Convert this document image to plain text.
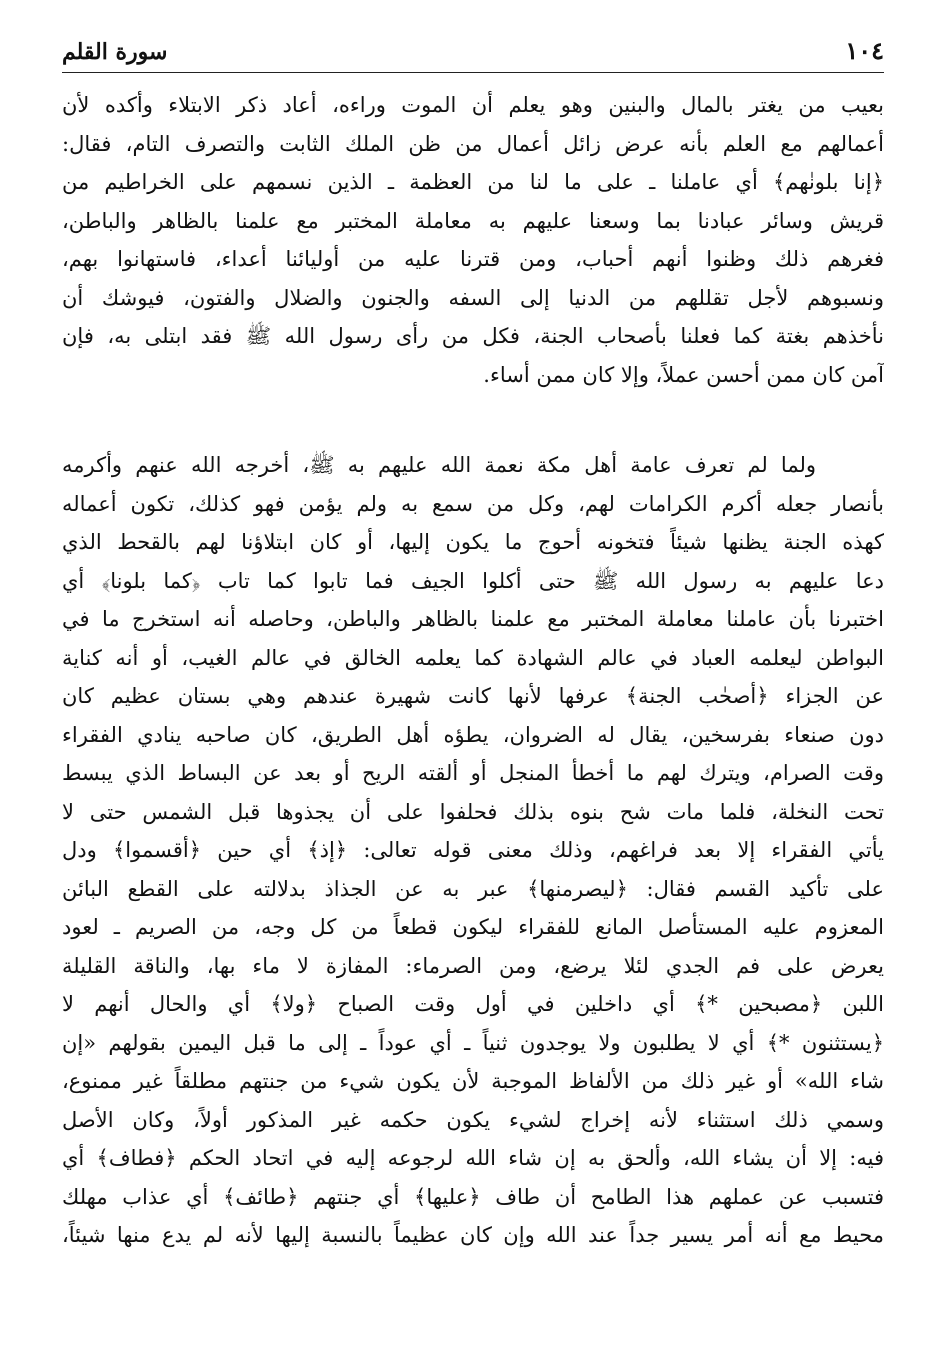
١٠٤
سورة القلم

بعيب من يغتر بالمال والبنين وهو يعلم أن الموت وراءه، أعاد ذكر الابتلاء وأكده لأن
أعمالهم مع العلم بأنه عرض زائل أعمال من ظن الملك الثابت والتصرف التام، فقال:
﴿إنا بلونٰهم﴾ أي عاملنا ـ على ما لنا من العظمة ـ الذين نسمهم على الخراطيم من
قريش وسائر عبادنا بما وسعنا عليهم به معاملة المختبر مع علمنا بالظاهر والباطن،
فغرهم ذلك وظنوا أنهم أحباب، ومن قترنا عليه من أوليائنا أعداء، فاستهانوا بهم،
ونسبوهم لأجل تقللهم من الدنيا إلى السفه والجنون والضلال والفتون، فيوشك أن
نأخذهم بغتة كما فعلنا بأصحاب الجنة، فكل من رأى رسول الله ﷺ فقد ابتلى به، فإن
آمن كان ممن أحسن عملاً، وإلا كان ممن أساء.

ولما لم تعرف عامة أهل مكة نعمة الله عليهم به ﷺ، أخرجه الله عنهم وأكرمه
بأنصار جعله أكرم الكرامات لهم، وكل من سمع به ولم يؤمن فهو كذلك، تكون أعماله
كهذه الجنة يظنها شيئاً فتخونه أحوج ما يكون إليها، أو كان ابتلاؤنا لهم بالقحط الذي
دعا عليهم به رسول الله ﷺ حتى أكلوا الجيف فما تابوا كما تاب ﴿كما بلونا﴾ أي
اختبرنا بأن عاملنا معاملة المختبر مع علمنا بالظاهر والباطن، وحاصله أنه استخرج ما في
البواطن ليعلمه العباد في عالم الشهادة كما يعلمه الخالق في عالم الغيب، أو أنه كناية
عن الجزاء ﴿أصحٰب الجنة﴾ عرفها لأنها كانت شهيرة عندهم وهي بستان عظيم كان
دون صنعاء بفرسخين، يقال له الضروان، يطؤه أهل الطريق، كان صاحبه ينادي الفقراء
وقت الصرام، ويترك لهم ما أخطأ المنجل أو ألقته الريح أو بعد عن البساط الذي يبسط
تحت النخلة، فلما مات شح بنوه بذلك فحلفوا على أن يجذوها قبل الشمس حتى لا
يأتي الفقراء إلا بعد فراغهم، وذلك معنى قوله تعالى: ﴿إذ﴾ أي حين ﴿أقسموا﴾ ودل
على تأكيد القسم فقال: ﴿ليصرمنها﴾ عبر به عن الجذاذ بدلالته على القطع البائن
المعزوم عليه المستأصل المانع للفقراء ليكون قطعاً من كل وجه، من الصريم ـ لعود
يعرض على فم الجدي لئلا يرضع، ومن الصرماء: المفازة لا ماء بها، والناقة القليلة
اللبن ﴿مصبحين *﴾ أي داخلين في أول وقت الصباح ﴿ولا﴾ أي والحال أنهم لا
﴿يستثنون *﴾ أي لا يطلبون ولا يوجدون ثنياً ـ أي عوداً ـ إلى ما قبل اليمين بقولهم «إن
شاء الله» أو غير ذلك من الألفاظ الموجبة لأن يكون شيء من جنتهم مطلقاً غير ممنوع،
وسمي ذلك استثناء لأنه إخراج لشيء يكون حكمه غير المذكور أولاً، وكان الأصل
فيه: إلا أن يشاء الله، وألحق به إن شاء الله لرجوعه إليه في اتحاد الحكم ﴿فطاف﴾ أي
فتسبب عن عملهم هذا الطامح أن طاف ﴿عليها﴾ أي جنتهم ﴿طائف﴾ أي عذاب مهلك
محيط مع أنه أمر يسير جداً عند الله وإن كان عظيماً بالنسبة إليها لأنه لم يدع منها شيئاً،
